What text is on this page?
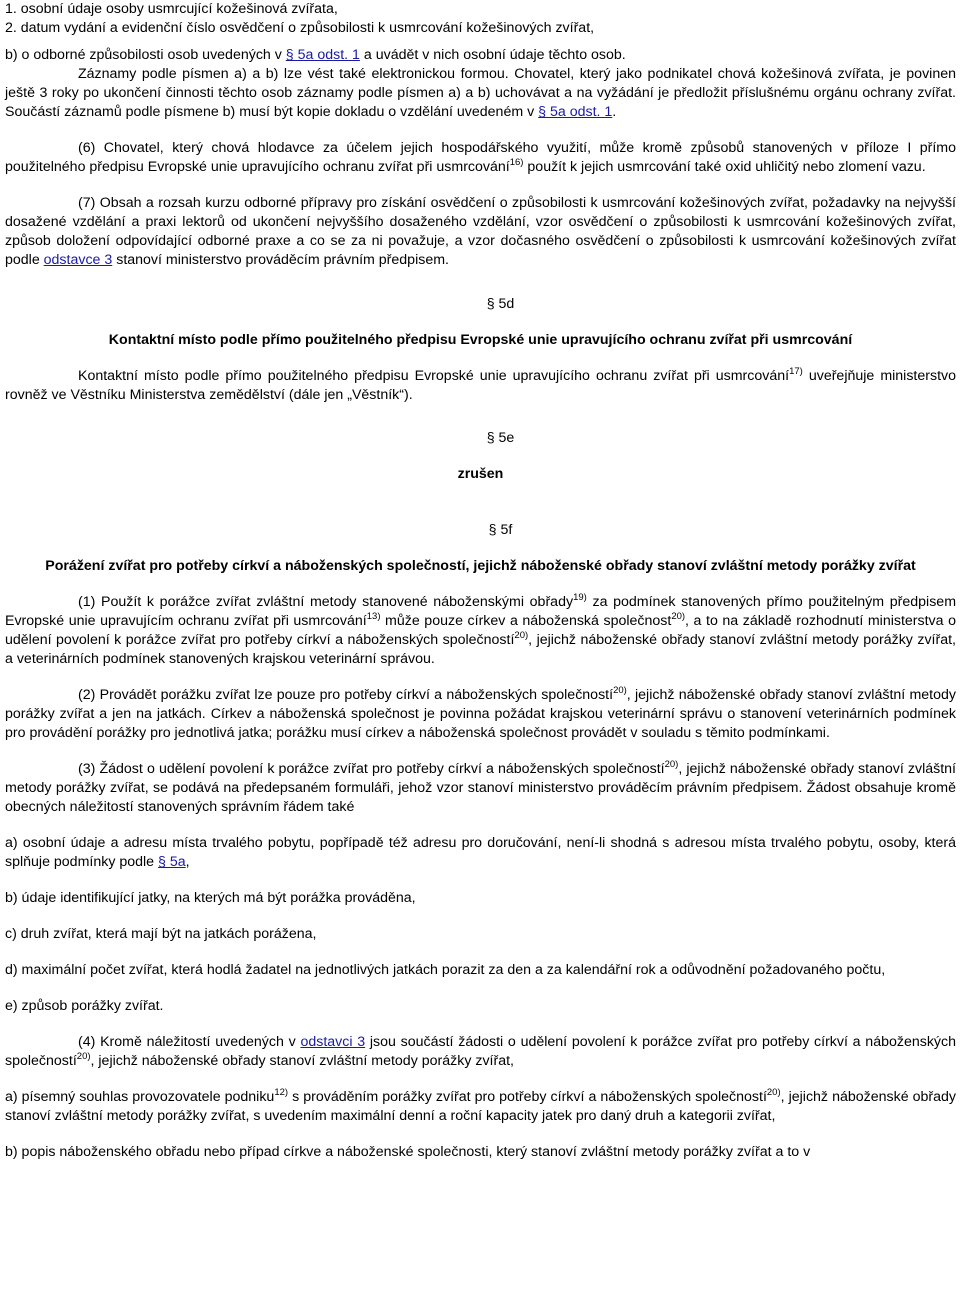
1. osobní údaje osoby usmrcující kožešinová zvířata,

2. datum vydání a evidenční číslo osvědčení o způsobilosti k usmrcování kožešinových zvířat,

b) o odborné způsobilosti osob uvedených v § 5a odst. 1 a uvádět v nich osobní údaje těchto osob.

Záznamy podle písmen a) a b) lze vést také elektronickou formou. Chovatel, který jako podnikatel chová kožešinová zvířata, je povinen ještě 3 roky po ukončení činnosti těchto osob záznamy podle písmen a) a b) uchovávat a na vyžádání je předložit příslušnému orgánu ochrany zvířat. Součástí záznamů podle písmene b) musí být kopie dokladu o vzdělání uvedeném v § 5a odst. 1.

(6) Chovatel, který chová hlodavce za účelem jejich hospodářského využití, může kromě způsobů stanovených v příloze I přímo použitelného předpisu Evropské unie upravujícího ochranu zvířat při usmrcování$^{16)}$ použít k jejich usmrcování také oxid uhličitý nebo zlomení vazu.

(7) Obsah a rozsah kurzu odborné přípravy pro získání osvědčení o způsobilosti k usmrcování kožešinových zvířat, požadavky na nejvyšší dosažené vzdělání a praxi lektorů od ukončení nejvyššího dosaženého vzdělání, vzor osvědčení o způsobilosti k usmrcování kožešinových zvířat, způsob doložení odpovídající odborné praxe a co se za ni považuje, a vzor dočasného osvědčení o způsobilosti k usmrcování kožešinových zvířat podle odstavce 3 stanoví ministerstvo prováděcím právním předpisem.

§ 5d

Kontaktní místo podle přímo použitelného předpisu Evropské unie upravujícího ochranu zvířat při usmrcování

Kontaktní místo podle přímo použitelného předpisu Evropské unie upravujícího ochranu zvířat při usmrcování$^{17)}$ uveřejňuje ministerstvo rovněž ve Věstníku Ministerstva zemědělství (dále jen „Věstník“).

§ 5e

zrušen

§ 5f

Porážení zvířat pro potřeby církví a náboženských společností, jejichž náboženské obřady stanoví zvláštní metody porážky zvířat

(1) Použít k porážce zvířat zvláštní metody stanovené náboženskými obřady$^{19)}$ za podmínek stanovených přímo použitelným předpisem Evropské unie upravujícím ochranu zvířat při usmrcování$^{13)}$ může pouze církev a náboženská společnost$^{20)}$, a to na základě rozhodnutí ministerstva o udělení povolení k porážce zvířat pro potřeby církví a náboženských společností$^{20)}$, jejichž náboženské obřady stanoví zvláštní metody porážky zvířat, a veterinárních podmínek stanovených krajskou veterinární správou.

(2) Provádět porážku zvířat lze pouze pro potřeby církví a náboženských společností$^{20)}$, jejichž náboženské obřady stanoví zvláštní metody porážky zvířat a jen na jatkách. Církev a náboženská společnost je povinna požádat krajskou veterinární správu o stanovení veterinárních podmínek pro provádění porážky pro jednotlivá jatka; porážku musí církev a náboženská společnost provádět v souladu s těmito podmínkami.

(3) Žádost o udělení povolení k porážce zvířat pro potřeby církví a náboženských společností$^{20)}$, jejichž náboženské obřady stanoví zvláštní metody porážky zvířat, se podává na předepsaném formuláři, jehož vzor stanoví ministerstvo prováděcím právním předpisem. Žádost obsahuje kromě obecných náležitostí stanovených správním řádem také

a) osobní údaje a adresu místa trvalého pobytu, popřípadě též adresu pro doručování, není-li shodná s adresou místa trvalého pobytu, osoby, která splňuje podmínky podle § 5a,

b) údaje identifikující jatky, na kterých má být porážka prováděna,

c) druh zvířat, která mají být na jatkách porážena,

d) maximální počet zvířat, která hodlá žadatel na jednotlivých jatkách porazit za den a za kalendářní rok a odůvodnění požadovaného počtu,

e) způsob porážky zvířat.

(4) Kromě náležitostí uvedených v odstavci 3 jsou součástí žádosti o udělení povolení k porážce zvířat pro potřeby církví a náboženských společností$^{20)}$, jejichž náboženské obřady stanoví zvláštní metody porážky zvířat,

a) písemný souhlas provozovatele podniku$^{12)}$ s prováděním porážky zvířat pro potřeby církví a náboženských společností$^{20)}$, jejichž náboženské obřady stanoví zvláštní metody porážky zvířat, s uvedením maximální denní a roční kapacity jatek pro daný druh a kategorii zvířat,

b) popis náboženského obřadu nebo případ církve a náboženské společnosti, který stanoví zvláštní metody porážky zvířat a to v
